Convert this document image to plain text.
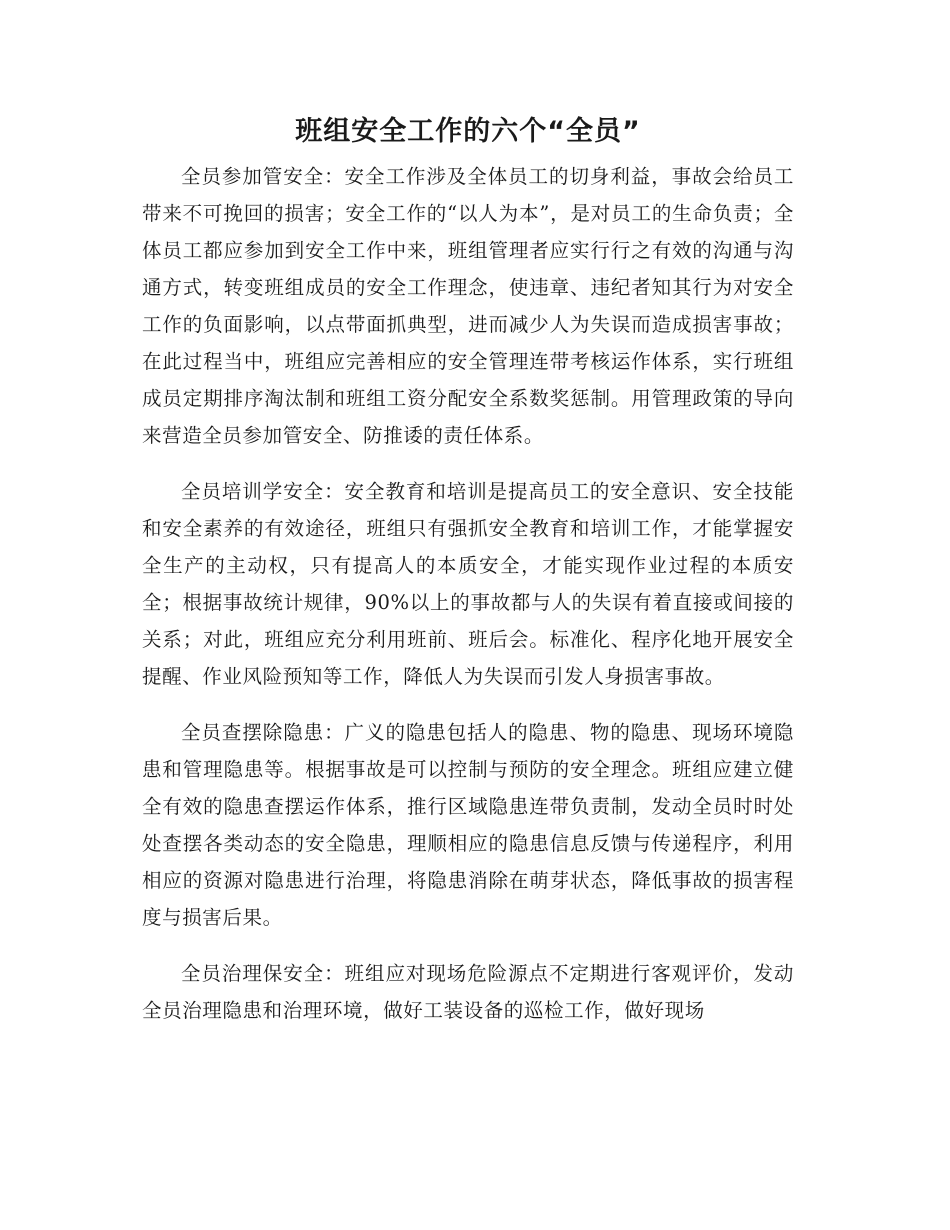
班组安全工作的六个“全员”

全员参加管安全：安全工作涉及全体员工的切身利益，事故会给员工带来不可挽回的损害；安全工作的“以人为本”，是对员工的生命负责；全体员工都应参加到安全工作中来，班组管理者应实行行之有效的沟通与沟通方式，转变班组成员的安全工作理念，使违章、违纪者知其行为对安全工作的负面影响，以点带面抓典型，进而减少人为失误而造成损害事故；在此过程当中，班组应完善相应的安全管理连带考核运作体系，实行班组成员定期排序淘汰制和班组工资分配安全系数奖惩制。用管理政策的导向来营造全员参加管安全、防推诿的责任体系。

全员培训学安全：安全教育和培训是提高员工的安全意识、安全技能和安全素养的有效途径，班组只有强抓安全教育和培训工作，才能掌握安全生产的主动权，只有提高人的本质安全，才能实现作业过程的本质安全；根据事故统计规律，90%以上的事故都与人的失误有着直接或间接的关系；对此，班组应充分利用班前、班后会。标准化、程序化地开展安全提醒、作业风险预知等工作，降低人为失误而引发人身损害事故。

全员查摆除隐患：广义的隐患包括人的隐患、物的隐患、现场环境隐患和管理隐患等。根据事故是可以控制与预防的安全理念。班组应建立健全有效的隐患查摆运作体系，推行区域隐患连带负责制，发动全员时时处处查摆各类动态的安全隐患，理顺相应的隐患信息反馈与传递程序，利用相应的资源对隐患进行治理，将隐患消除在萌芽状态，降低事故的损害程度与损害后果。

全员治理保安全：班组应对现场危险源点不定期进行客观评价，发动全员治理隐患和治理环境，做好工装设备的巡检工作，做好现场
